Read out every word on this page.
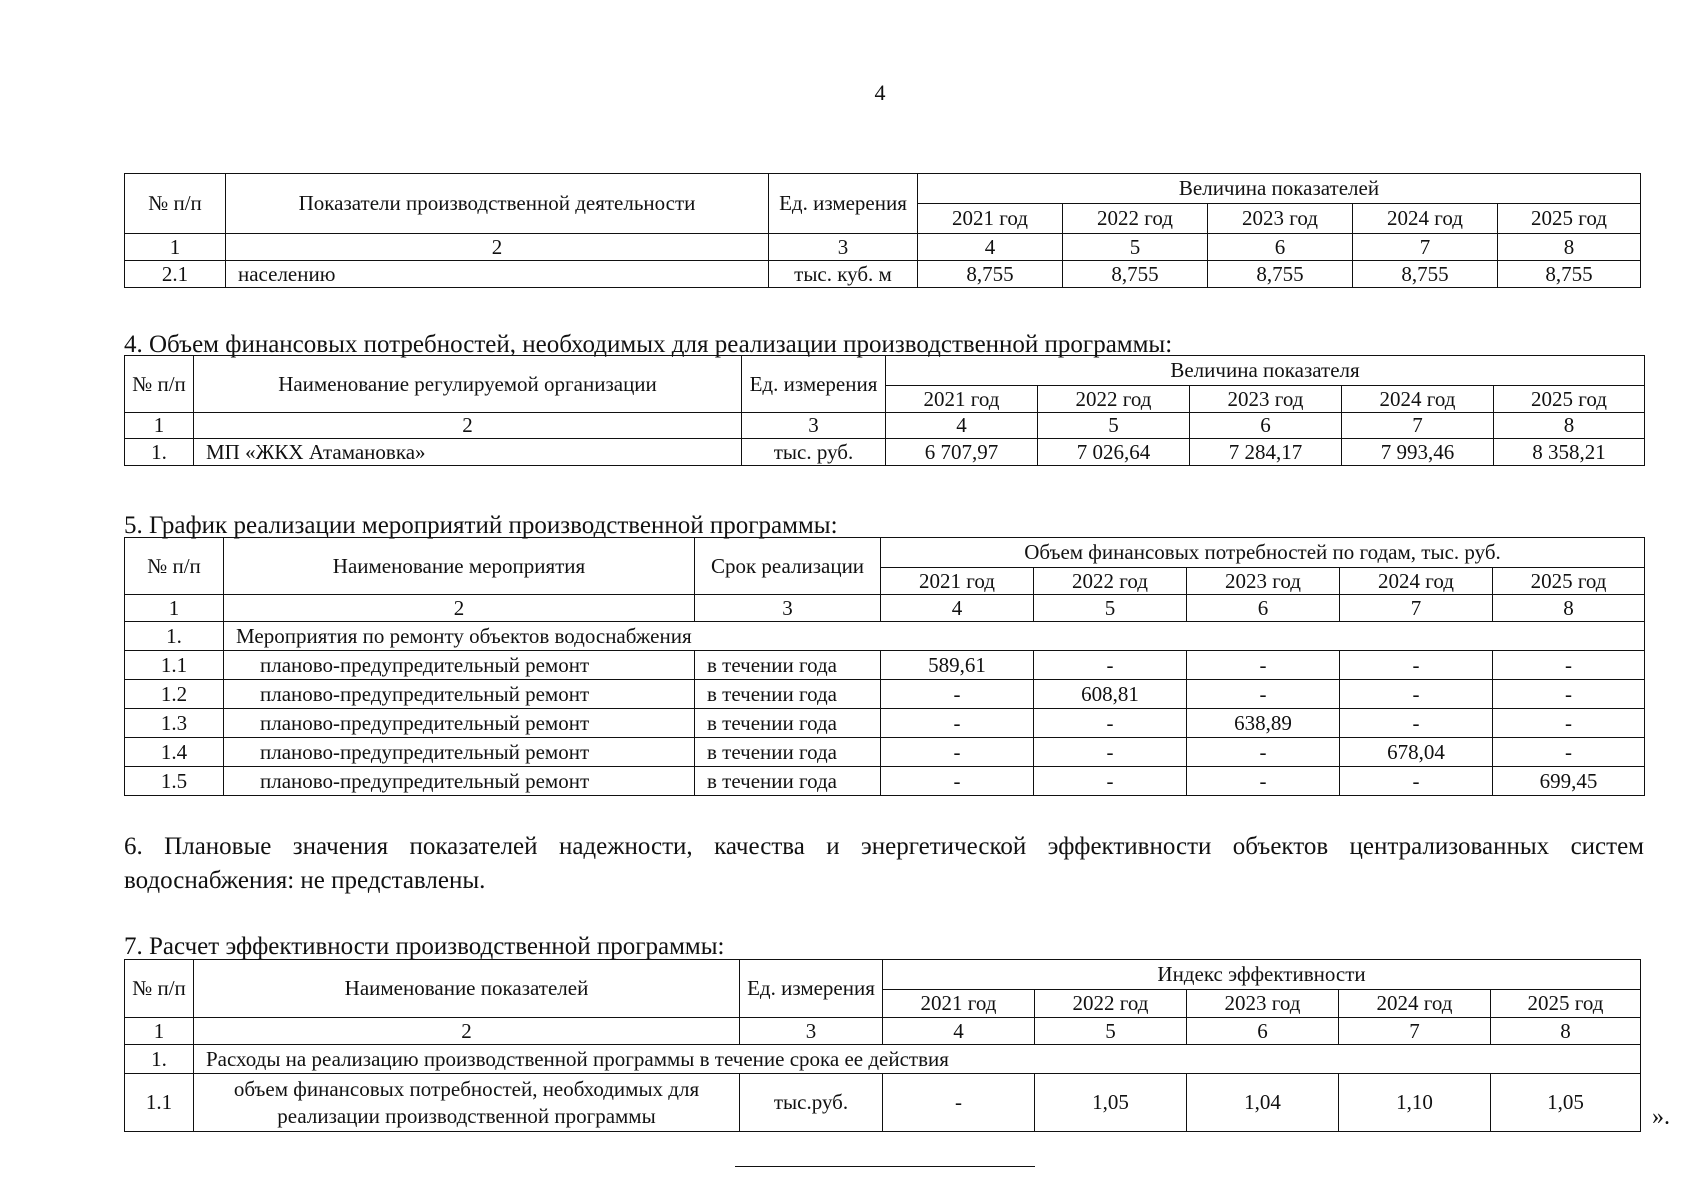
4
№ п/п	Показатели производственной деятельности	Ед. измерения	Величина показателей				
			2021 год	2022 год	2023 год	2024 год	2025 год
1	2	3	4	5	6	7	8
2.1	населению	тыс. куб. м	8,755	8,755	8,755	8,755	8,755
4. Объем финансовых потребностей, необходимых для реализации производственной программы:
№ п/п	Наименование регулируемой организации	Ед. измерения	Величина показателя				
			2021 год	2022 год	2023 год	2024 год	2025 год
1	2	3	4	5	6	7	8
1.	МП «ЖКХ Атамановка»	тыс. руб.	6 707,97	7 026,64	7 284,17	7 993,46	8 358,21
5. График реализации мероприятий производственной программы:
№ п/п	Наименование мероприятия	Срок реализации	Объем финансовых потребностей по годам, тыс. руб.				
			2021 год	2022 год	2023 год	2024 год	2025 год
1	2	3	4	5	6	7	8
1.	Мероприятия по ремонту объектов водоснабжения						
1.1	планово-предупредительный ремонт	в течении года	589,61	-	-	-	-
1.2	планово-предупредительный ремонт	в течении года	-	608,81	-	-	-
1.3	планово-предупредительный ремонт	в течении года	-	-	638,89	-	-
1.4	планово-предупредительный ремонт	в течении года	-	-	-	678,04	-
1.5	планово-предупредительный ремонт	в течении года	-	-	-	-	699,45
6. Плановые значения показателей надежности, качества и энергетической эффективности объектов централизованных систем водоснабжения: не представлены.
7. Расчет эффективности производственной программы:
№ п/п	Наименование показателей	Ед. измерения	Индекс эффективности				
			2021 год	2022 год	2023 год	2024 год	2025 год
1	2	3	4	5	6	7	8
1.	Расходы на реализацию производственной программы в течение срока ее действия						
1.1	объем финансовых потребностей, необходимых для реализации производственной программы	тыс.руб.	-	1,05	1,04	1,10	1,05
».
